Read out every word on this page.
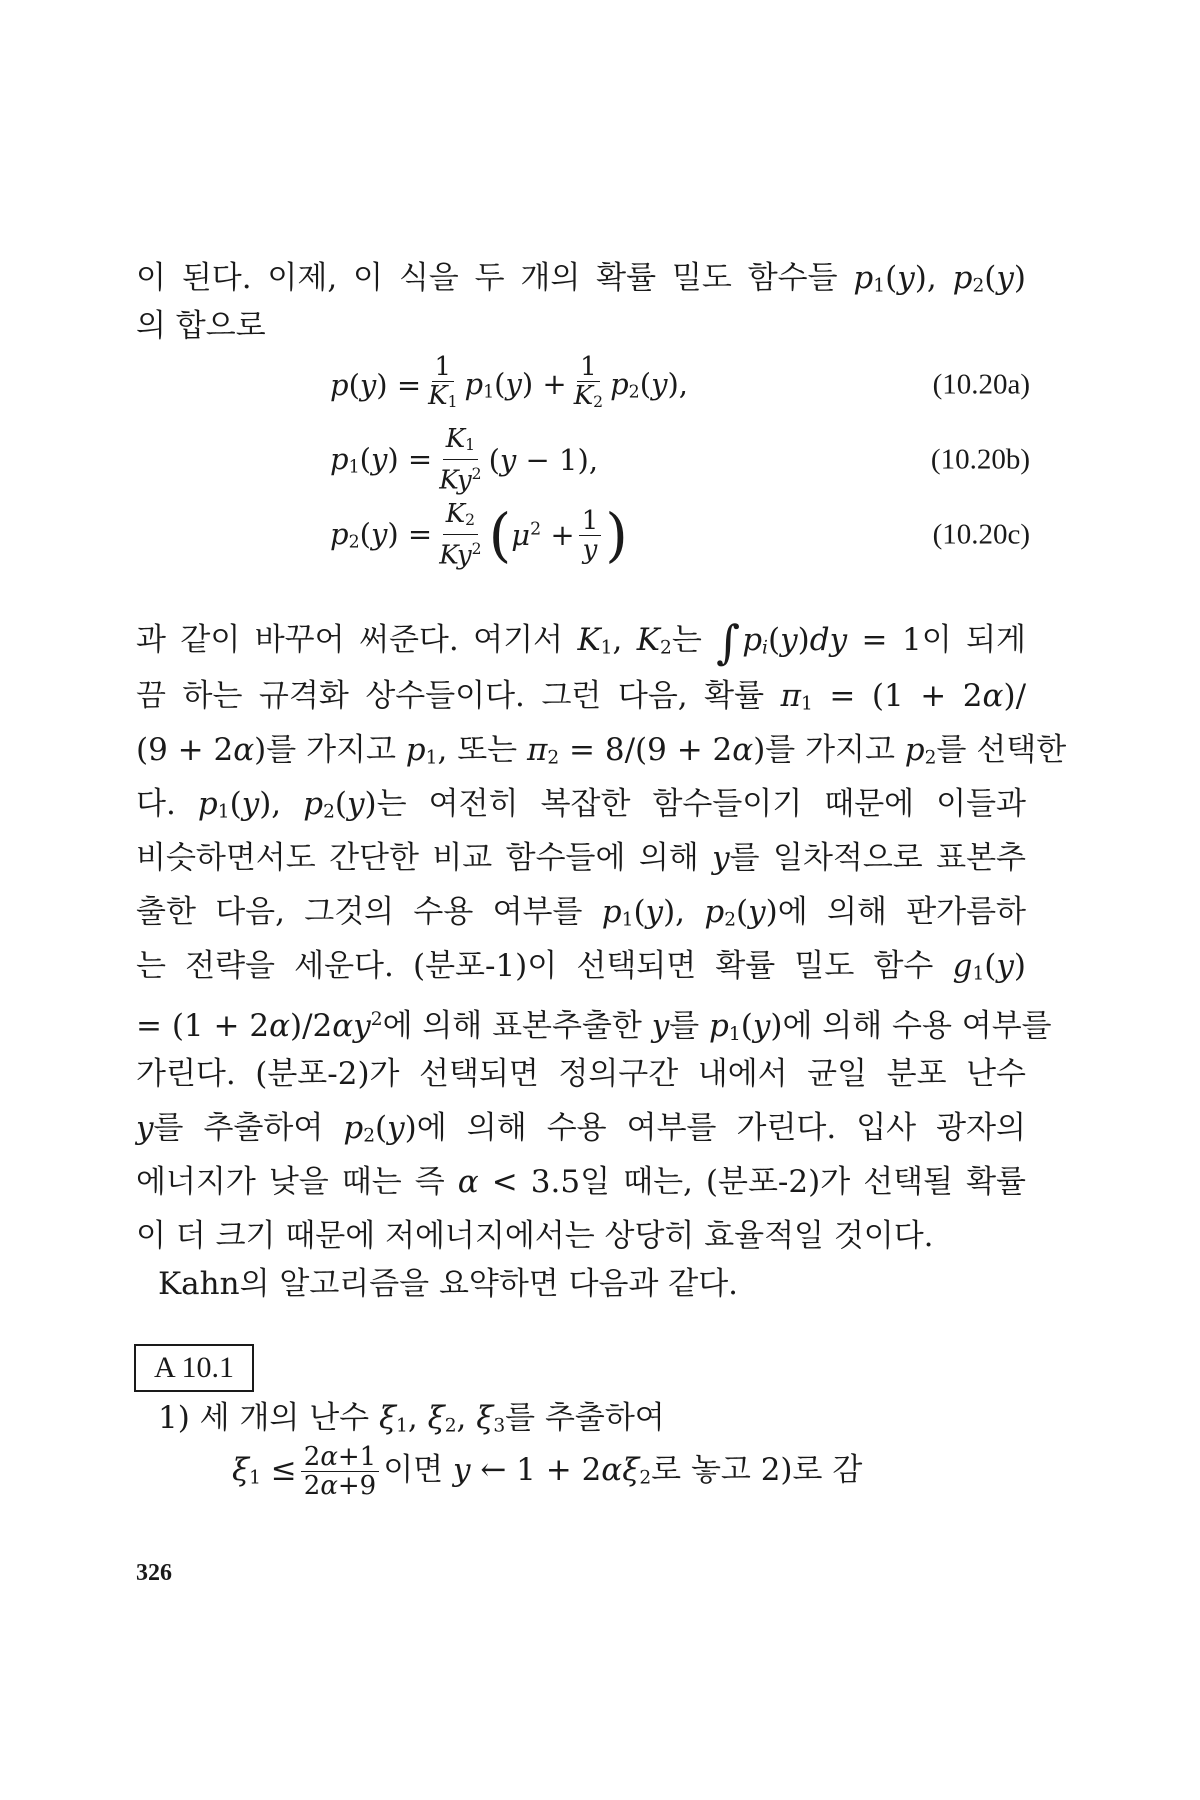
이 된다. 이제, 이 식을 두 개의 확률 밀도 함수들 $p_1(y)$, $p_2(y)$
의 합으로
$p(y) = \frac{1}{K_1} p_1(y) + \frac{1}{K_2} p_2(y)$,	(10.20a)
$p_1(y) = \frac{K_1}{Ky^2} (y - 1)$,	(10.20b)
$p_2(y) = \frac{K_2}{Ky^2}$ ( $\mu^2 + \frac{1}{y}$ )	(10.20c)
과 같이 바꾸어 써준다. 여기서 $K_1$, $K_2$는 $\int p_i(y)dy = 1$이 되게
끔 하는 규격화 상수들이다. 그런 다음, 확률 $\pi_1 = (1 + 2\alpha)/$
(9 + 2α)를 가지고 $p_1$, 또는 $\pi_2 = 8/(9 + 2\alpha)$를 가지고 $p_2$를 선택한
다. $p_1(y)$, $p_2(y)$는 여전히 복잡한 함수들이기 때문에 이들과
비슷하면서도 간단한 비교 함수들에 의해 y를 일차적으로 표본추
출한 다음, 그것의 수용 여부를 $p_1(y)$, $p_2(y)$에 의해 판가름하
는 전략을 세운다. (분포-1)이 선택되면 확률 밀도 함수 $g_1(y)$
= $(1 + 2\alpha)/2\alpha y^2$에 의해 표본추출한 y를 $p_1(y)$에 의해 수용 여부를
가린다. (분포-2)가 선택되면 정의구간 내에서 균일 분포 난수
y를 추출하여 $p_2(y)$에 의해 수용 여부를 가린다. 입사 광자의
에너지가 낮을 때는 즉 α < 3.5일 때는, (분포-2)가 선택될 확률
이 더 크기 때문에 저에너지에서는 상당히 효율적일 것이다.
Kahn의 알고리즘을 요약하면 다음과 같다.
A 10.1
1) 세 개의 난수 $\xi_1$, $\xi_2$, $\xi_3$를 추출하여
$\xi_1 \le \frac{2\alpha+1}{2\alpha+9}$ 이면 y ← $1 + 2\alpha\xi_2$로 놓고 2)로 감
326
